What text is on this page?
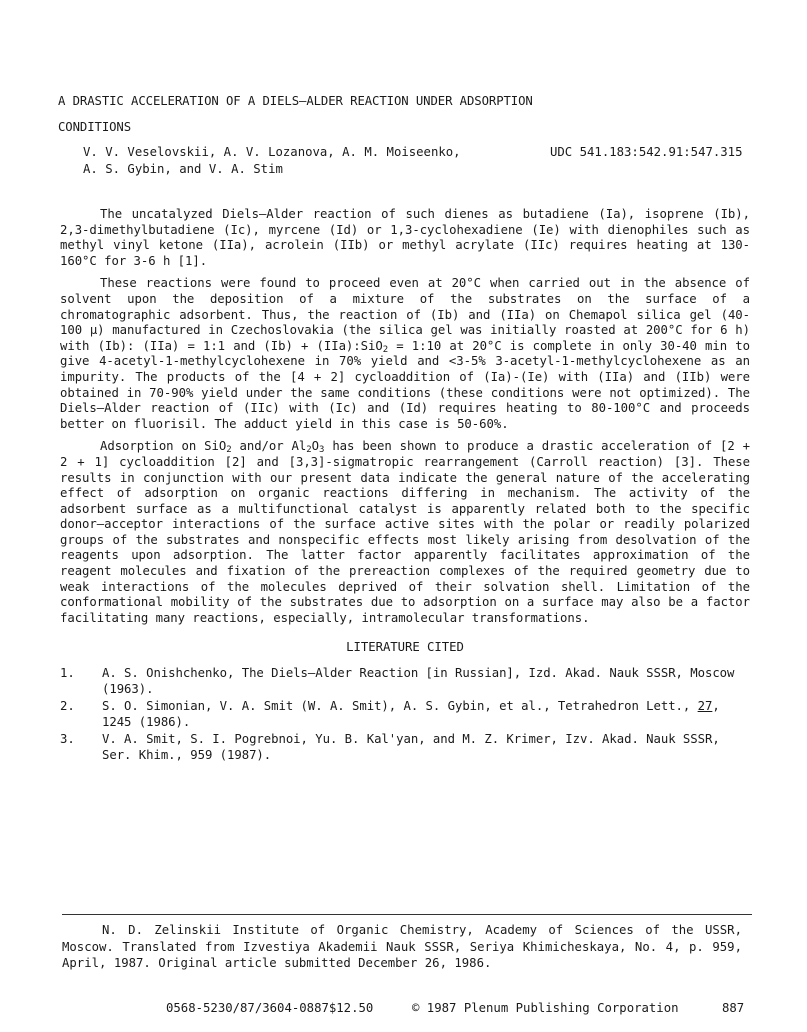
A DRASTIC ACCELERATION OF A DIELS—ALDER REACTION UNDER ADSORPTION
CONDITIONS
V. V. Veselovskii, A. V. Lozanova, A. M. Moiseenko,
A. S. Gybin, and V. A. Stim
UDC 541.183:542.91:547.315

The uncatalyzed Diels—Alder reaction of such dienes as butadiene (Ia), isoprene (Ib), 2,3-dimethylbutadiene (Ic), myrcene (Id) or 1,3-cyclohexadiene (Ie) with dienophiles such as methyl vinyl ketone (IIa), acrolein (IIb) or methyl acrylate (IIc) requires heating at 130-160°C for 3-6 h [1].

These reactions were found to proceed even at 20°C when carried out in the absence of solvent upon the deposition of a mixture of the substrates on the surface of a chromatographic adsorbent. Thus, the reaction of (Ib) and (IIa) on Chemapol silica gel (40-100 μ) manufactured in Czechoslovakia (the silica gel was initially roasted at 200°C for 6 h) with (Ib): (IIa) = 1:1 and (Ib) + (IIa):SiO$_2$ = 1:10 at 20°C is complete in only 30-40 min to give 4-acetyl-1-methylcyclohexene in 70% yield and <3-5% 3-acetyl-1-methylcyclohexene as an impurity. The products of the [4 + 2] cycloaddition of (Ia)-(Ie) with (IIa) and (IIb) were obtained in 70-90% yield under the same conditions (these conditions were not optimized). The Diels—Alder reaction of (IIc) with (Ic) and (Id) requires heating to 80-100°C and proceeds better on fluorisil. The adduct yield in this case is 50-60%.

Adsorption on SiO$_2$ and/or $Al_2O_3$ has been shown to produce a drastic acceleration of [2 + 2 + 1] cycloaddition [2] and [3,3]-sigmatropic rearrangement (Carroll reaction) [3]. These results in conjunction with our present data indicate the general nature of the accelerating effect of adsorption on organic reactions differing in mechanism. The activity of the adsorbent surface as a multifunctional catalyst is apparently related both to the specific donor—acceptor interactions of the surface active sites with the polar or readily polarized groups of the substrates and nonspecific effects most likely arising from desolvation of the reagents upon adsorption. The latter factor apparently facilitates approximation of the reagent molecules and fixation of the prereaction complexes of the required geometry due to weak interactions of the molecules deprived of their solvation shell. Limitation of the conformational mobility of the substrates due to adsorption on a surface may also be a factor facilitating many reactions, especially, intramolecular transformations.

LITERATURE CITED
1.	A. S. Onishchenko, The Diels—Alder Reaction [in Russian], Izd. Akad. Nauk SSSR, Moscow (1963).
2.	S. O. Simonian, V. A. Smit (W. A. Smit), A. S. Gybin, et al., Tetrahedron Lett., 27, 1245 (1986).
3.	V. A. Smit, S. I. Pogrebnoi, Yu. B. Kal'yan, and M. Z. Krimer, Izv. Akad. Nauk SSSR, Ser. Khim., 959 (1987).
N. D. Zelinskii Institute of Organic Chemistry, Academy of Sciences of the USSR, Moscow. Translated from Izvestiya Akademii Nauk SSSR, Seriya Khimicheskaya, No. 4, p. 959, April, 1987. Original article submitted December 26, 1986.
0568-5230/87/3604-0887$12.50	© 1987 Plenum Publishing Corporation	887
